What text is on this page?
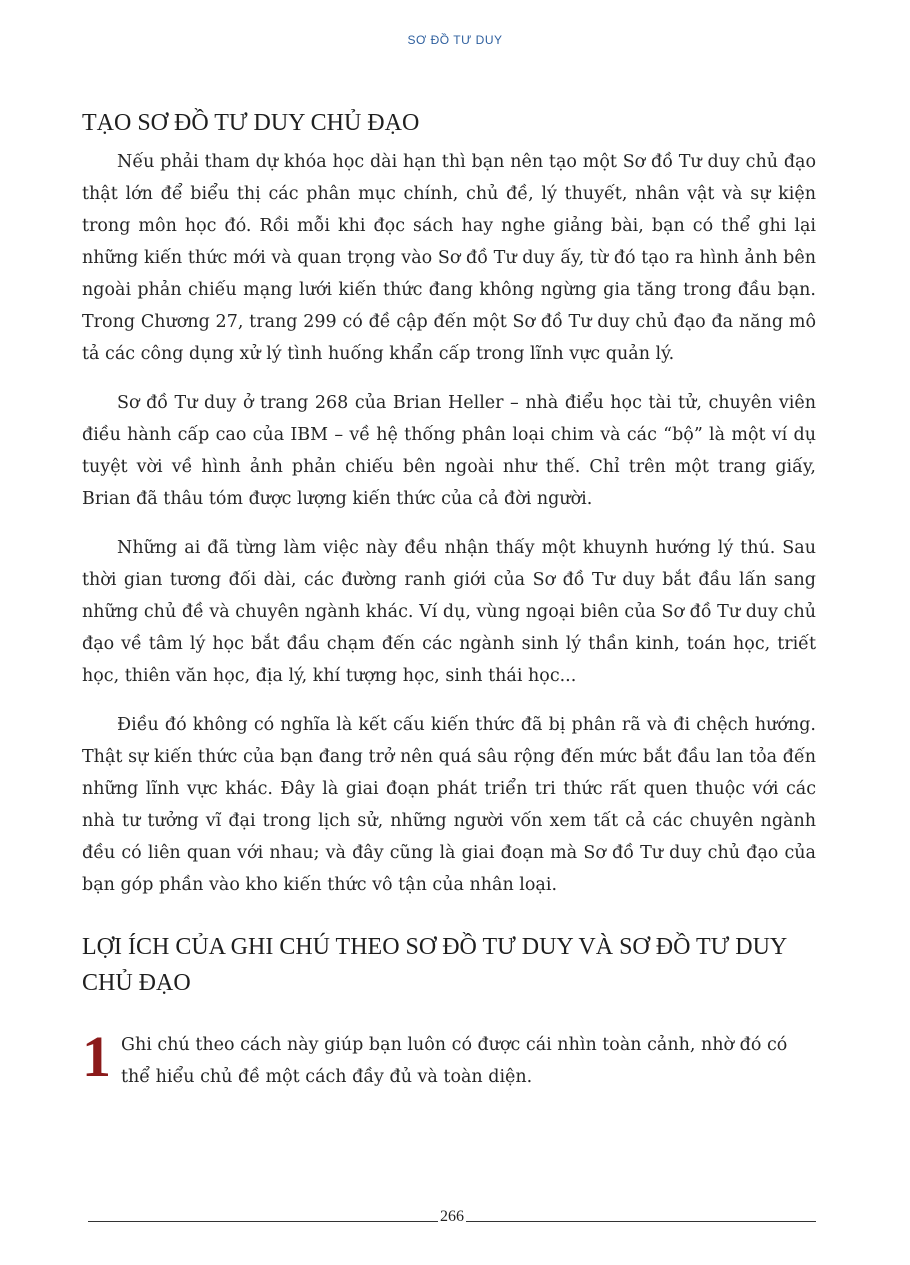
SƠ ĐỒ TƯ DUY
TẠO SƠ ĐỒ TƯ DUY CHỦ ĐẠO

Nếu phải tham dự khóa học dài hạn thì bạn nên tạo một Sơ đồ Tư duy chủ đạo thật lớn để biểu thị các phân mục chính, chủ đề, lý thuyết, nhân vật và sự kiện trong môn học đó. Rồi mỗi khi đọc sách hay nghe giảng bài, bạn có thể ghi lại những kiến thức mới và quan trọng vào Sơ đồ Tư duy ấy, từ đó tạo ra hình ảnh bên ngoài phản chiếu mạng lưới kiến thức đang không ngừng gia tăng trong đầu bạn. Trong Chương 27, trang 299 có đề cập đến một Sơ đồ Tư duy chủ đạo đa năng mô tả các công dụng xử lý tình huống khẩn cấp trong lĩnh vực quản lý.

Sơ đồ Tư duy ở trang 268 của Brian Heller – nhà điểu học tài tử, chuyên viên điều hành cấp cao của IBM – về hệ thống phân loại chim và các “bộ” là một ví dụ tuyệt vời về hình ảnh phản chiếu bên ngoài như thế. Chỉ trên một trang giấy, Brian đã thâu tóm được lượng kiến thức của cả đời người.

Những ai đã từng làm việc này đều nhận thấy một khuynh hướng lý thú. Sau thời gian tương đối dài, các đường ranh giới của Sơ đồ Tư duy bắt đầu lấn sang những chủ đề và chuyên ngành khác. Ví dụ, vùng ngoại biên của Sơ đồ Tư duy chủ đạo về tâm lý học bắt đầu chạm đến các ngành sinh lý thần kinh, toán học, triết học, thiên văn học, địa lý, khí tượng học, sinh thái học...

Điều đó không có nghĩa là kết cấu kiến thức đã bị phân rã và đi chệch hướng. Thật sự kiến thức của bạn đang trở nên quá sâu rộng đến mức bắt đầu lan tỏa đến những lĩnh vực khác. Đây là giai đoạn phát triển tri thức rất quen thuộc với các nhà tư tưởng vĩ đại trong lịch sử, những người vốn xem tất cả các chuyên ngành đều có liên quan với nhau; và đây cũng là giai đoạn mà Sơ đồ Tư duy chủ đạo của bạn góp phần vào kho kiến thức vô tận của nhân loại.

LỢI ÍCH CỦA GHI CHÚ THEO SƠ ĐỒ TƯ DUY VÀ SƠ ĐỒ TƯ DUY CHỦ ĐẠO
1 Ghi chú theo cách này giúp bạn luôn có được cái nhìn toàn cảnh, nhờ đó có thể hiểu chủ đề một cách đầy đủ và toàn diện.
266
